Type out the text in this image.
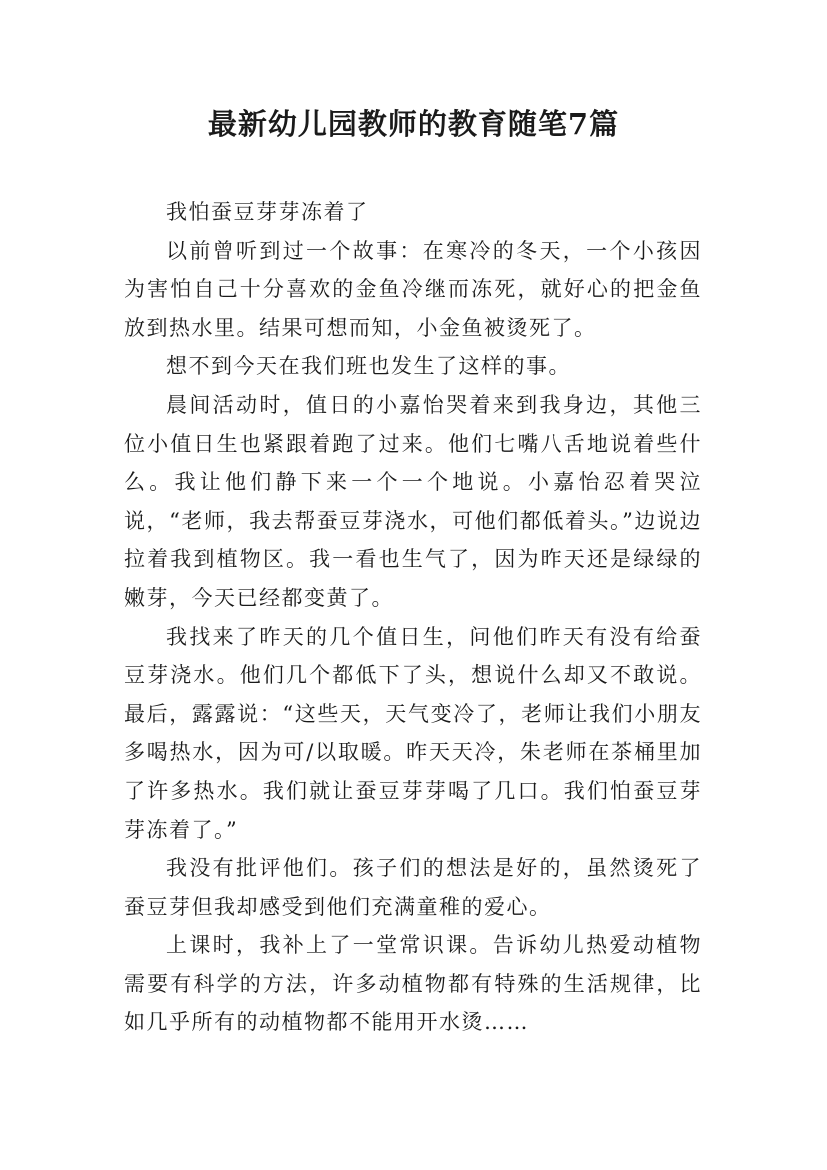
最新幼儿园教师的教育随笔7篇

我怕蚕豆芽芽冻着了

以前曾听到过一个故事：在寒冷的冬天，一个小孩因为害怕自己十分喜欢的金鱼冷继而冻死，就好心的把金鱼放到热水里。结果可想而知，小金鱼被烫死了。

想不到今天在我们班也发生了这样的事。

晨间活动时，值日的小嘉怡哭着来到我身边，其他三位小值日生也紧跟着跑了过来。他们七嘴八舌地说着些什么。我让他们静下来一个一个地说。小嘉怡忍着哭泣说，“老师，我去帮蚕豆芽浇水，可他们都低着头。”边说边拉着我到植物区。我一看也生气了，因为昨天还是绿绿的嫩芽，今天已经都变黄了。

我找来了昨天的几个值日生，问他们昨天有没有给蚕豆芽浇水。他们几个都低下了头，想说什么却又不敢说。最后，露露说：“这些天，天气变冷了，老师让我们小朋友多喝热水，因为可/以取暖。昨天天冷，朱老师在茶桶里加了许多热水。我们就让蚕豆芽芽喝了几口。我们怕蚕豆芽芽冻着了。”

我没有批评他们。孩子们的想法是好的，虽然烫死了蚕豆芽但我却感受到他们充满童稚的爱心。

上课时，我补上了一堂常识课。告诉幼儿热爱动植物需要有科学的方法，许多动植物都有特殊的生活规律，比如几乎所有的动植物都不能用开水烫……
